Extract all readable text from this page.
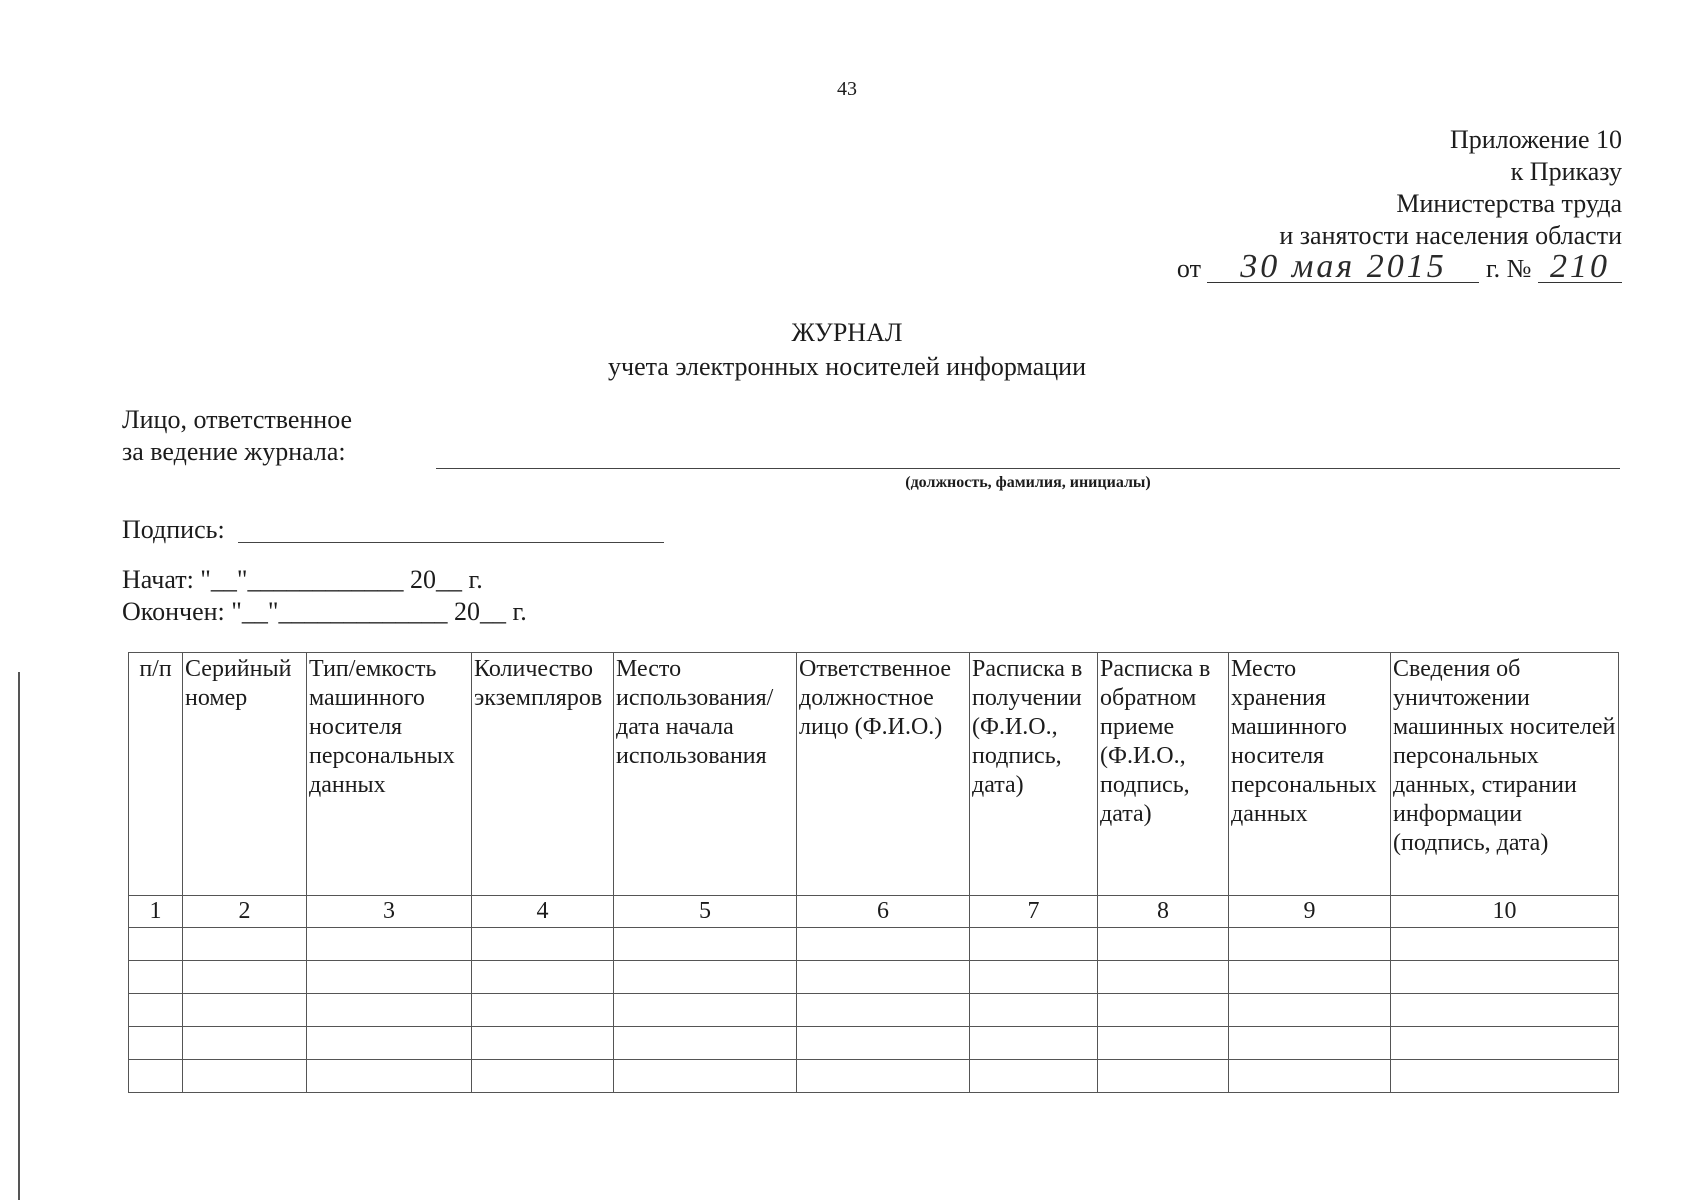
43
Приложение 10
к Приказу
Министерства труда
и занятости населения области
от 30 мая 2015 г. № 210
ЖУРНАЛ
учета электронных носителей информации
Лицо, ответственное
за ведение журнала:
(должность, фамилия, инициалы)
Подпись:
Начат: "__"____________ 20__ г.
Окончен: "__"_____________ 20__ г.
п/п	Серийный номер	Тип/емкость машинного носителя персональных данных	Количество экземпляров	Место использования/ дата начала использования	Ответственное должностное лицо (Ф.И.О.)	Расписка в получении (Ф.И.О., подпись, дата)	Расписка в обратном приеме (Ф.И.О., подпись, дата)	Место хранения машинного носителя персональных данных	Сведения об уничтожении машинных носителей персональных данных, стирании информации (подпись, дата)
1	2	3	4	5	6	7	8	9	10
